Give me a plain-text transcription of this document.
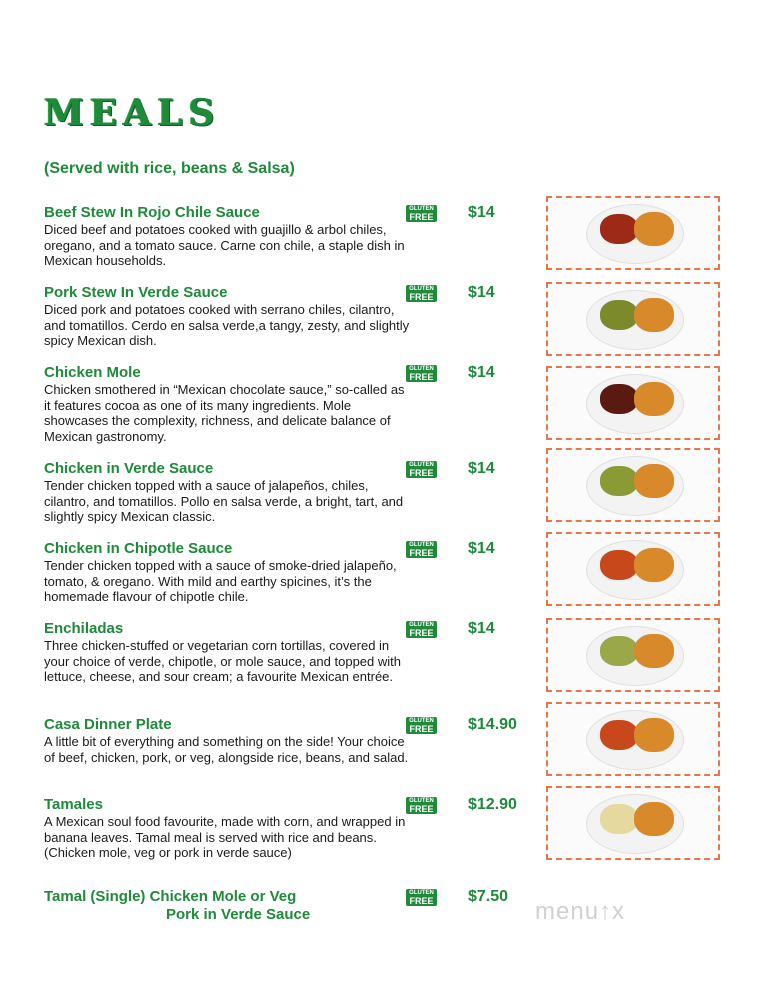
MEALS
(Served with rice, beans & Salsa)
Beef Stew In Rojo Chile Sauce
Diced beef and potatoes cooked with guajillo & arbol chiles, oregano, and a tomato sauce. Carne con chile, a staple dish in Mexican households.
GLUTEN
FREE $14
Pork Stew In Verde Sauce
Diced pork and potatoes cooked with serrano chiles, cilantro, and tomatillos. Cerdo en salsa verde,a tangy, zesty, and slightly spicy Mexican dish.
GLUTEN
FREE $14
Chicken Mole
Chicken smothered in “Mexican chocolate sauce,” so-called as it features cocoa as one of its many ingredients. Mole showcases the complexity, richness, and delicate balance of Mexican gastronomy.
GLUTEN
FREE $14
Chicken in Verde Sauce
Tender chicken topped with a sauce of jalapeños, chiles, cilantro, and tomatillos. Pollo en salsa verde, a bright, tart, and slightly spicy Mexican classic.
GLUTEN
FREE $14
Chicken in Chipotle Sauce
Tender chicken topped with a sauce of smoke-dried jalapeño, tomato, & oregano. With mild and earthy spicines, it’s the homemade flavour of chipotle chile.
GLUTEN
FREE $14
Enchiladas
Three chicken-stuffed or vegetarian corn tortillas, covered in your choice of verde, chipotle, or mole sauce, and topped with lettuce, cheese, and sour cream; a favourite Mexican entrée.
GLUTEN
FREE $14
Casa Dinner Plate
A little bit of everything and something on the side! Your choice of beef, chicken, pork, or veg, alongside rice, beans, and salad.
GLUTEN
FREE $14.90
Tamales
A Mexican soul food favourite, made with corn, and wrapped in banana leaves. Tamal meal is served with rice and beans. (Chicken mole, veg or pork in verde sauce)
GLUTEN
FREE $12.90
Tamal (Single) Chicken Mole or Veg
Pork in Verde Sauce
GLUTEN
FREE $7.50
menu↑x
